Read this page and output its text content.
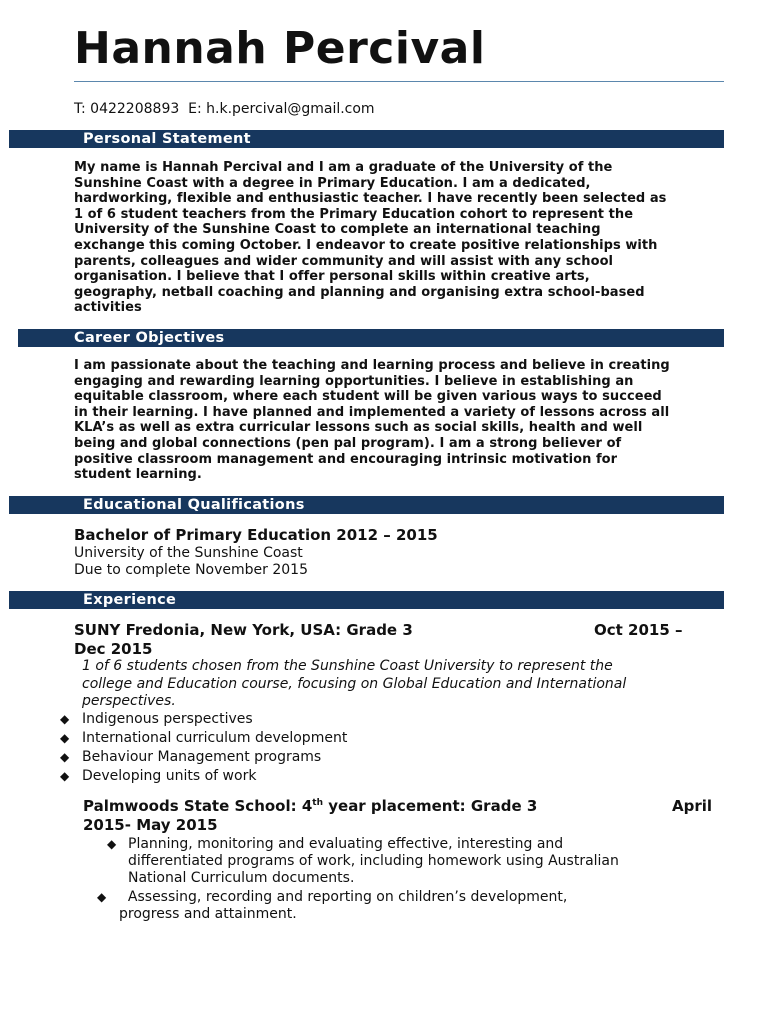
Hannah Percival
T: 0422208893  E: h.k.percival@gmail.com
Personal Statement
My name is Hannah Percival and I am a graduate of the University of the
Sunshine Coast with a degree in Primary Education. I am a dedicated,
hardworking, flexible and enthusiastic teacher. I have recently been selected as
1 of 6 student teachers from the Primary Education cohort to represent the
University of the Sunshine Coast to complete an international teaching
exchange this coming October. I endeavor to create positive relationships with
parents, colleagues and wider community and will assist with any school
organisation. I believe that I offer personal skills within creative arts,
geography, netball coaching and planning and organising extra school-based
activities
Career Objectives
I am passionate about the teaching and learning process and believe in creating
engaging and rewarding learning opportunities. I believe in establishing an
equitable classroom, where each student will be given various ways to succeed
in their learning. I have planned and implemented a variety of lessons across all
KLA’s as well as extra curricular lessons such as social skills, health and well
being and global connections (pen pal program). I am a strong believer of
positive classroom management and encouraging intrinsic motivation for
student learning.
Educational Qualifications
Bachelor of Primary Education 2012 – 2015
University of the Sunshine Coast
Due to complete November 2015
Experience
SUNY Fredonia, New York, USA: Grade 3	Oct 2015 –
Dec 2015
1 of 6 students chosen from the Sunshine Coast University to represent the
college and Education course, focusing on Global Education and International
perspectives.
◆ Indigenous perspectives
◆ International curriculum development
◆ Behaviour Management programs
◆ Developing units of work
Palmwoods State School: 4th year placement: Grade 3	April
2015- May 2015
◆ Planning, monitoring and evaluating effective, interesting and
differentiated programs of work, including homework using Australian
National Curriculum documents.
◆ Assessing, recording and reporting on children’s development,
progress and attainment.
